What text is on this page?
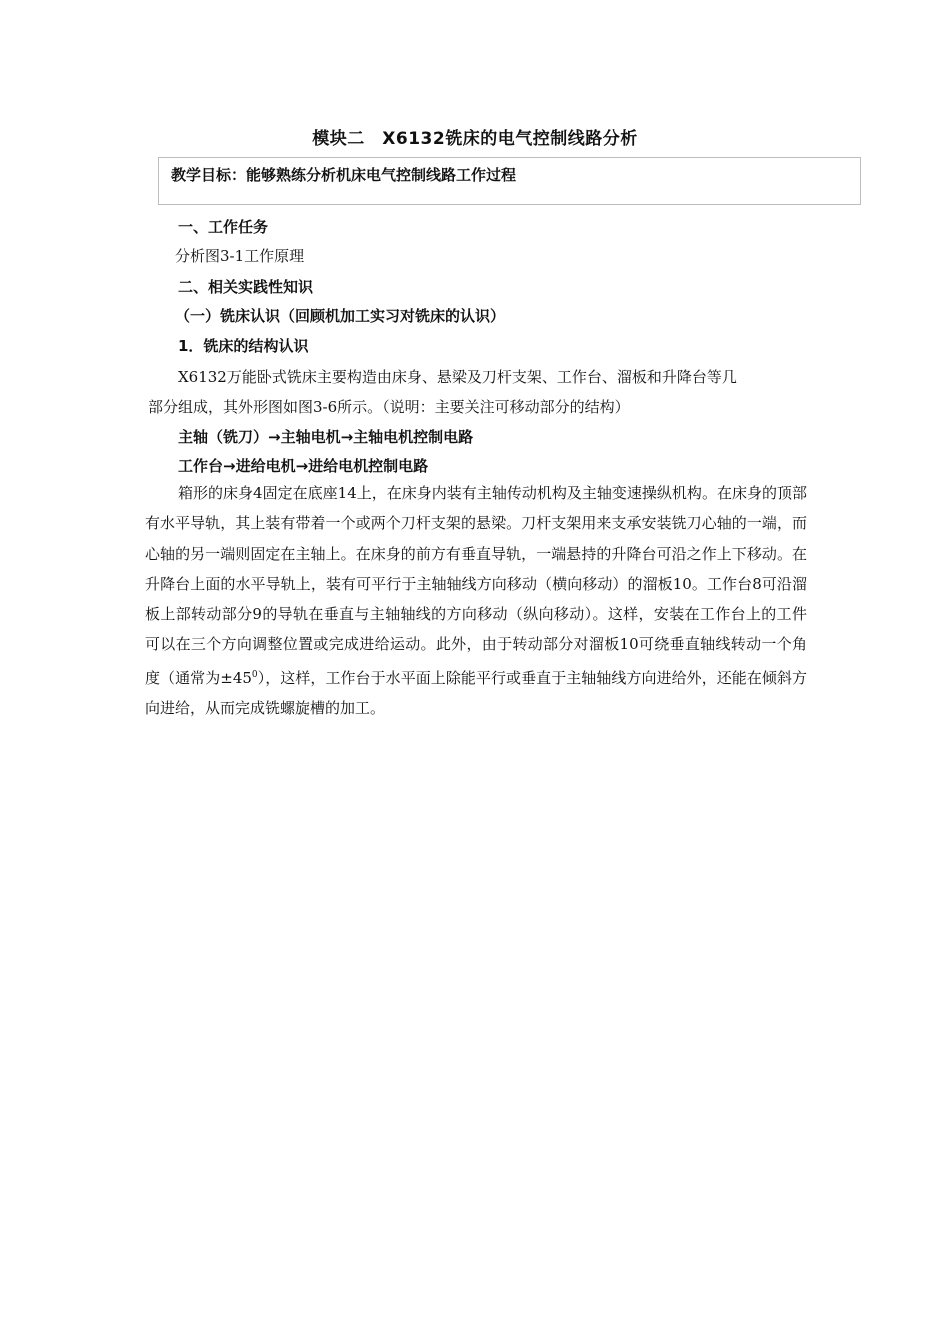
模块二　X6132铣床的电气控制线路分析
教学目标：能够熟练分析机床电气控制线路工作过程
一、工作任务
分析图3-1工作原理
二、相关实践性知识
（一）铣床认识（回顾机加工实习对铣床的认识）
1．铣床的结构认识
X6132万能卧式铣床主要构造由床身、悬梁及刀杆支架、工作台、溜板和升降台等几
部分组成，其外形图如图3-6所示。（说明：主要关注可移动部分的结构）
主轴（铣刀）→主轴电机→主轴电机控制电路
工作台→进给电机→进给电机控制电路
箱形的床身4固定在底座14上，在床身内装有主轴传动机构及主轴变速操纵机构。在床身的顶部有水平导轨，其上装有带着一个或两个刀杆支架的悬梁。刀杆支架用来支承安装铣刀心轴的一端，而心轴的另一端则固定在主轴上。在床身的前方有垂直导轨，一端悬持的升降台可沿之作上下移动。在升降台上面的水平导轨上，装有可平行于主轴轴线方向移动（横向移动）的溜板10。工作台8可沿溜板上部转动部分9的导轨在垂直与主轴轴线的方向移动（纵向移动）。这样，安装在工作台上的工件可以在三个方向调整位置或完成进给运动。此外，由于转动部分对溜板10可绕垂直轴线转动一个角度（通常为$\pm 45^0$），这样，工作台于水平面上除能平行或垂直于主轴轴线方向进给外，还能在倾斜方向进给，从而完成铣螺旋槽的加工。
